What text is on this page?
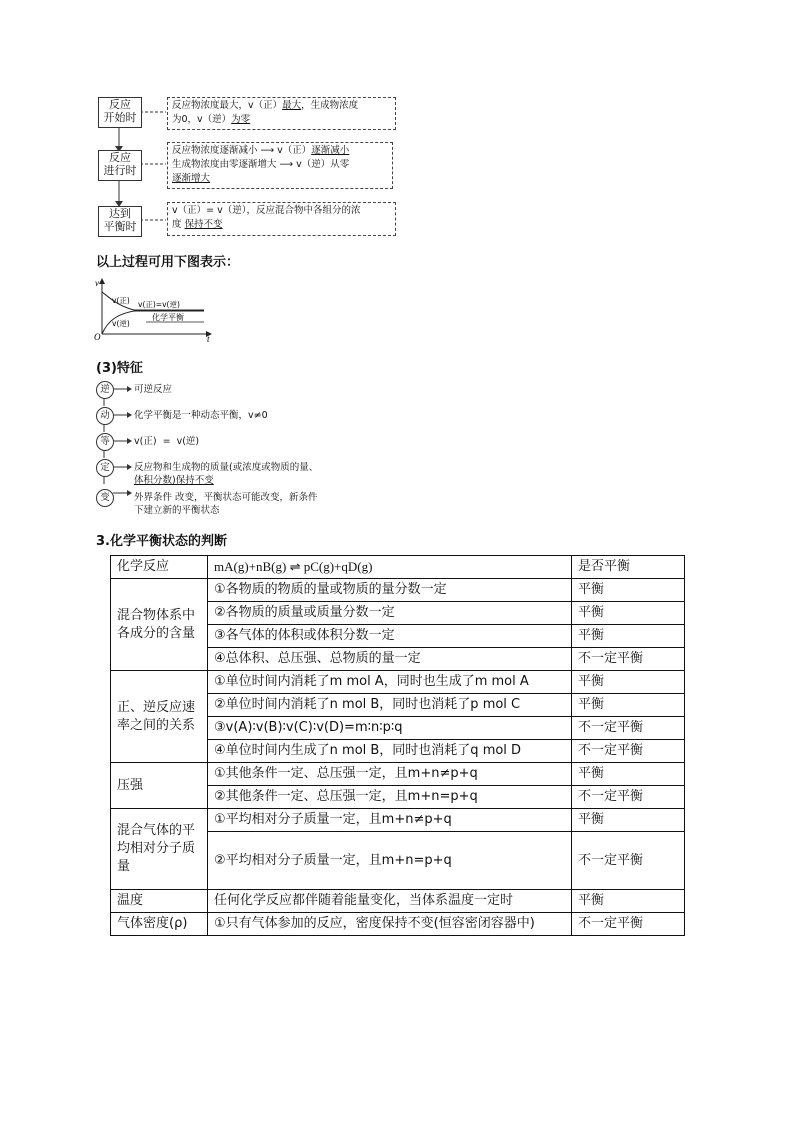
反应
开始时
反应
进行时
达到
平衡时
反应物浓度最大，v（正）最大，生成物浓度
为0，v（逆）为零
反应物浓度逐渐减小 ⟶ v（正）逐渐减小
生成物浓度由零逐渐增大 ⟶ v（逆）从零
逐渐增大
v（正）= v（逆），反应混合物中各组分的浓
度 保持不变
以上过程可用下图表示：
v
t
O
v(正)
v(逆)
v(正)=v(逆)
化学平衡
(3)特征
逆	可逆反应
动	化学平衡是一种动态平衡，v≠0
等	v(正)  =  v(逆)
定	反应物和生成物的质量(或浓度或物质的量、
体积分数)保持不变
变	外界条件 改变，平衡状态可能改变，新条件
下建立新的平衡状态
3.化学平衡状态的判断
化学反应	mA(g)+nB(g) ⇌ pC(g)+qD(g)	是否平衡
混合物体系中各成分的含量	①各物质的物质的量或物质的量分数一定	平衡
	②各物质的质量或质量分数一定	平衡
	③各气体的体积或体积分数一定	平衡
	④总体积、总压强、总物质的量一定	不一定平衡
正、逆反应速率之间的关系	①单位时间内消耗了m mol A，同时也生成了m mol A	平衡
	②单位时间内消耗了n mol B，同时也消耗了p mol C	平衡
	③v(A)∶v(B)∶v(C)∶v(D)=m∶n∶p∶q	不一定平衡
	④单位时间内生成了n mol B，同时也消耗了q mol D	不一定平衡
压强	①其他条件一定、总压强一定，且m+n≠p+q	平衡
	②其他条件一定、总压强一定，且m+n=p+q	不一定平衡
混合气体的平均相对分子质量	①平均相对分子质量一定，且m+n≠p+q	平衡
	②平均相对分子质量一定，且m+n=p+q	不一定平衡
温度	任何化学反应都伴随着能量变化，当体系温度一定时	平衡
气体密度(ρ)	①只有气体参加的反应，密度保持不变(恒容密闭容器中)	不一定平衡
